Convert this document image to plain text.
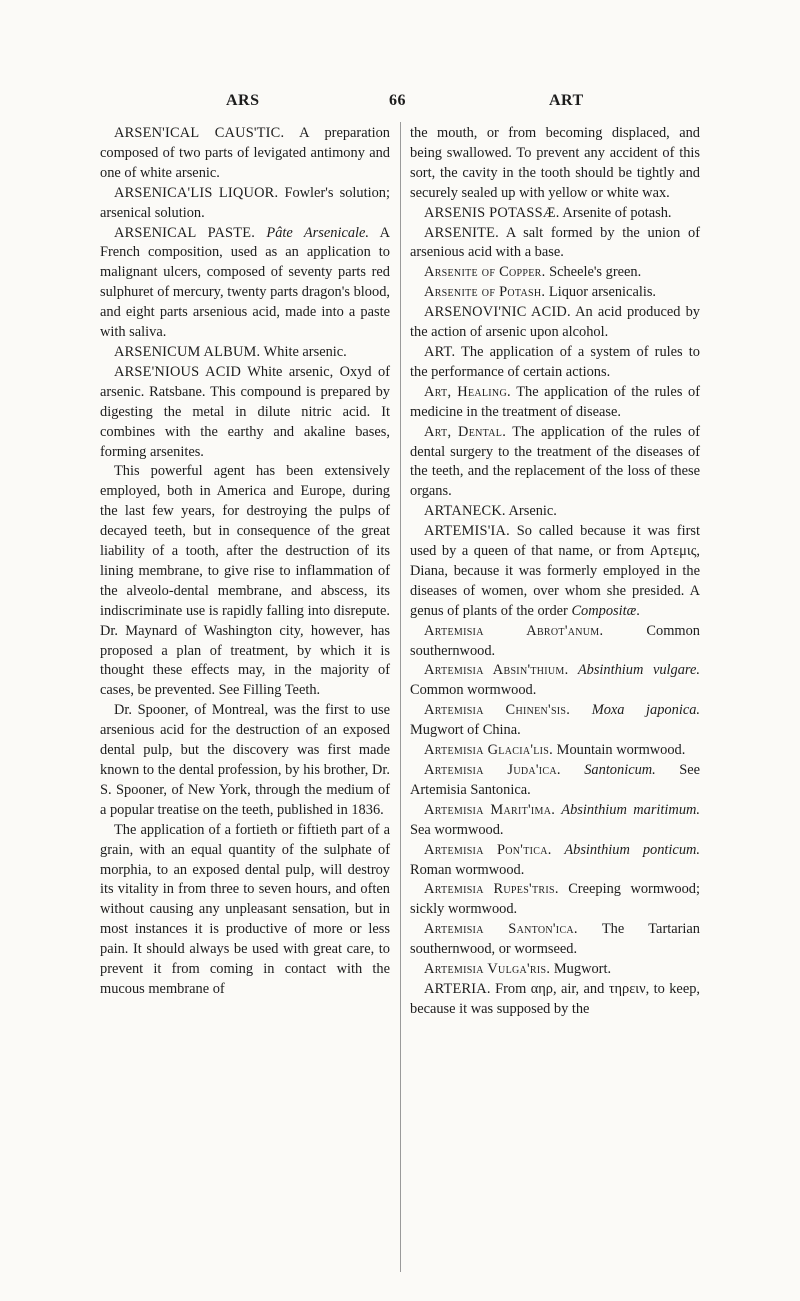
ARS	66	ART

ARSEN'ICAL CAUS'TIC. A preparation composed of two parts of levigated antimony and one of white arsenic.

ARSENICA'LIS LIQUOR. Fowler's solution; arsenical solution.

ARSENICAL PASTE. Pâte Arsenicale. A French composition, used as an application to malignant ulcers, composed of seventy parts red sulphuret of mercury, twenty parts dragon's blood, and eight parts arsenious acid, made into a paste with saliva.

ARSENICUM ALBUM. White arsenic.

ARSE'NIOUS ACID White arsenic, Oxyd of arsenic. Ratsbane. This compound is prepared by digesting the metal in dilute nitric acid. It combines with the earthy and akaline bases, forming arsenites.

This powerful agent has been extensively employed, both in America and Europe, during the last few years, for destroying the pulps of decayed teeth, but in consequence of the great liability of a tooth, after the destruction of its lining membrane, to give rise to inflammation of the alveolo-dental membrane, and abscess, its indiscriminate use is rapidly falling into disrepute. Dr. Maynard of Washington city, however, has proposed a plan of treatment, by which it is thought these effects may, in the majority of cases, be prevented. See Filling Teeth.

Dr. Spooner, of Montreal, was the first to use arsenious acid for the destruction of an exposed dental pulp, but the discovery was first made known to the dental profession, by his brother, Dr. S. Spooner, of New York, through the medium of a popular treatise on the teeth, published in 1836.

The application of a fortieth or fiftieth part of a grain, with an equal quantity of the sulphate of morphia, to an exposed dental pulp, will destroy its vitality in from three to seven hours, and often without causing any unpleasant sensation, but in most instances it is productive of more or less pain. It should always be used with great care, to prevent it from coming in contact with the mucous membrane of

the mouth, or from becoming displaced, and being swallowed. To prevent any accident of this sort, the cavity in the tooth should be tightly and securely sealed up with yellow or white wax.

ARSENIS POTASSÆ. Arsenite of potash.

ARSENITE. A salt formed by the union of arsenious acid with a base.

Arsenite of Copper. Scheele's green.

Arsenite of Potash. Liquor arsenicalis.

ARSENOVI'NIC ACID. An acid produced by the action of arsenic upon alcohol.

ART. The application of a system of rules to the performance of certain actions.

Art, Healing. The application of the rules of medicine in the treatment of disease.

Art, Dental. The application of the rules of dental surgery to the treatment of the diseases of the teeth, and the replacement of the loss of these organs.

ARTANECK. Arsenic.

ARTEMIS'IA. So called because it was first used by a queen of that name, or from Αρτεμις, Diana, because it was formerly employed in the diseases of women, over whom she presided. A genus of plants of the order Compositæ.

Artemisia Abrot'anum. Common southernwood.

Artemisia Absin'thium. Absinthium vulgare. Common wormwood.

Artemisia Chinen'sis. Moxa japonica. Mugwort of China.

Artemisia Glacia'lis. Mountain wormwood.

Artemisia Juda'ica. Santonicum. See Artemisia Santonica.

Artemisia Marit'ima. Absinthium maritimum. Sea wormwood.

Artemisia Pon'tica. Absinthium ponticum. Roman wormwood.

Artemisia Rupes'tris. Creeping wormwood; sickly wormwood.

Artemisia Santon'ica. The Tartarian southernwood, or wormseed.

Artemisia Vulga'ris. Mugwort.

ARTERIA. From αηρ, air, and τηρειν, to keep, because it was supposed by the
